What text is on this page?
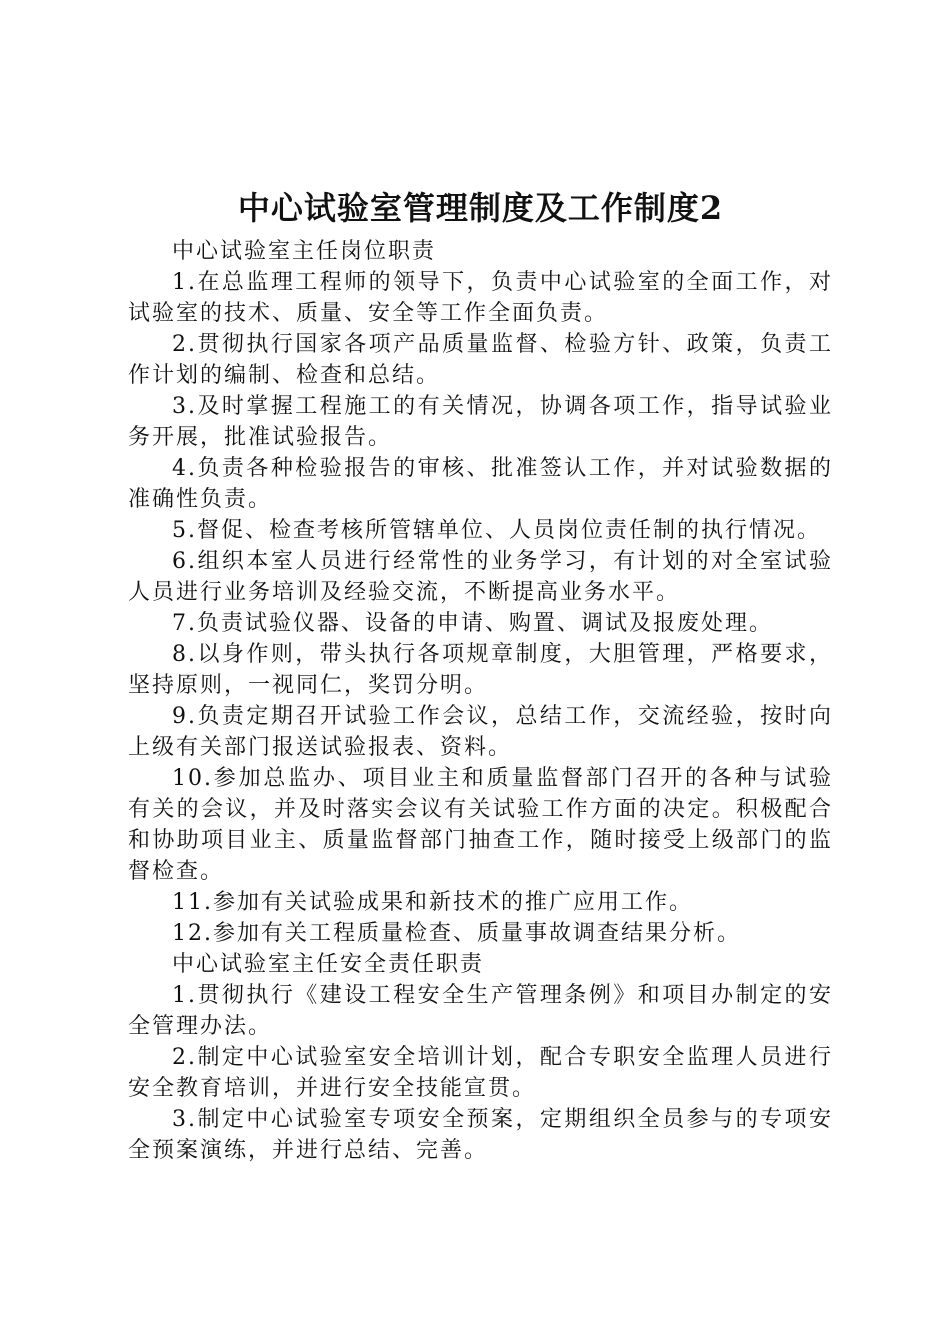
中心试验室管理制度及工作制度2

中心试验室主任岗位职责

1.在总监理工程师的领导下，负责中心试验室的全面工作，对试验室的技术、质量、安全等工作全面负责。

2.贯彻执行国家各项产品质量监督、检验方针、政策，负责工作计划的编制、检查和总结。

3.及时掌握工程施工的有关情况，协调各项工作，指导试验业务开展，批准试验报告。

4.负责各种检验报告的审核、批准签认工作，并对试验数据的准确性负责。

5.督促、检查考核所管辖单位、人员岗位责任制的执行情况。

6.组织本室人员进行经常性的业务学习，有计划的对全室试验人员进行业务培训及经验交流，不断提高业务水平。

7.负责试验仪器、设备的申请、购置、调试及报废处理。

8.以身作则，带头执行各项规章制度，大胆管理，严格要求，坚持原则，一视同仁，奖罚分明。

9.负责定期召开试验工作会议，总结工作，交流经验，按时向上级有关部门报送试验报表、资料。

10.参加总监办、项目业主和质量监督部门召开的各种与试验有关的会议，并及时落实会议有关试验工作方面的决定。积极配合和协助项目业主、质量监督部门抽查工作，随时接受上级部门的监督检查。

11.参加有关试验成果和新技术的推广应用工作。

12.参加有关工程质量检查、质量事故调查结果分析。

中心试验室主任安全责任职责

1.贯彻执行《建设工程安全生产管理条例》和项目办制定的安全管理办法。

2.制定中心试验室安全培训计划，配合专职安全监理人员进行安全教育培训，并进行安全技能宣贯。

3.制定中心试验室专项安全预案，定期组织全员参与的专项安全预案演练，并进行总结、完善。
